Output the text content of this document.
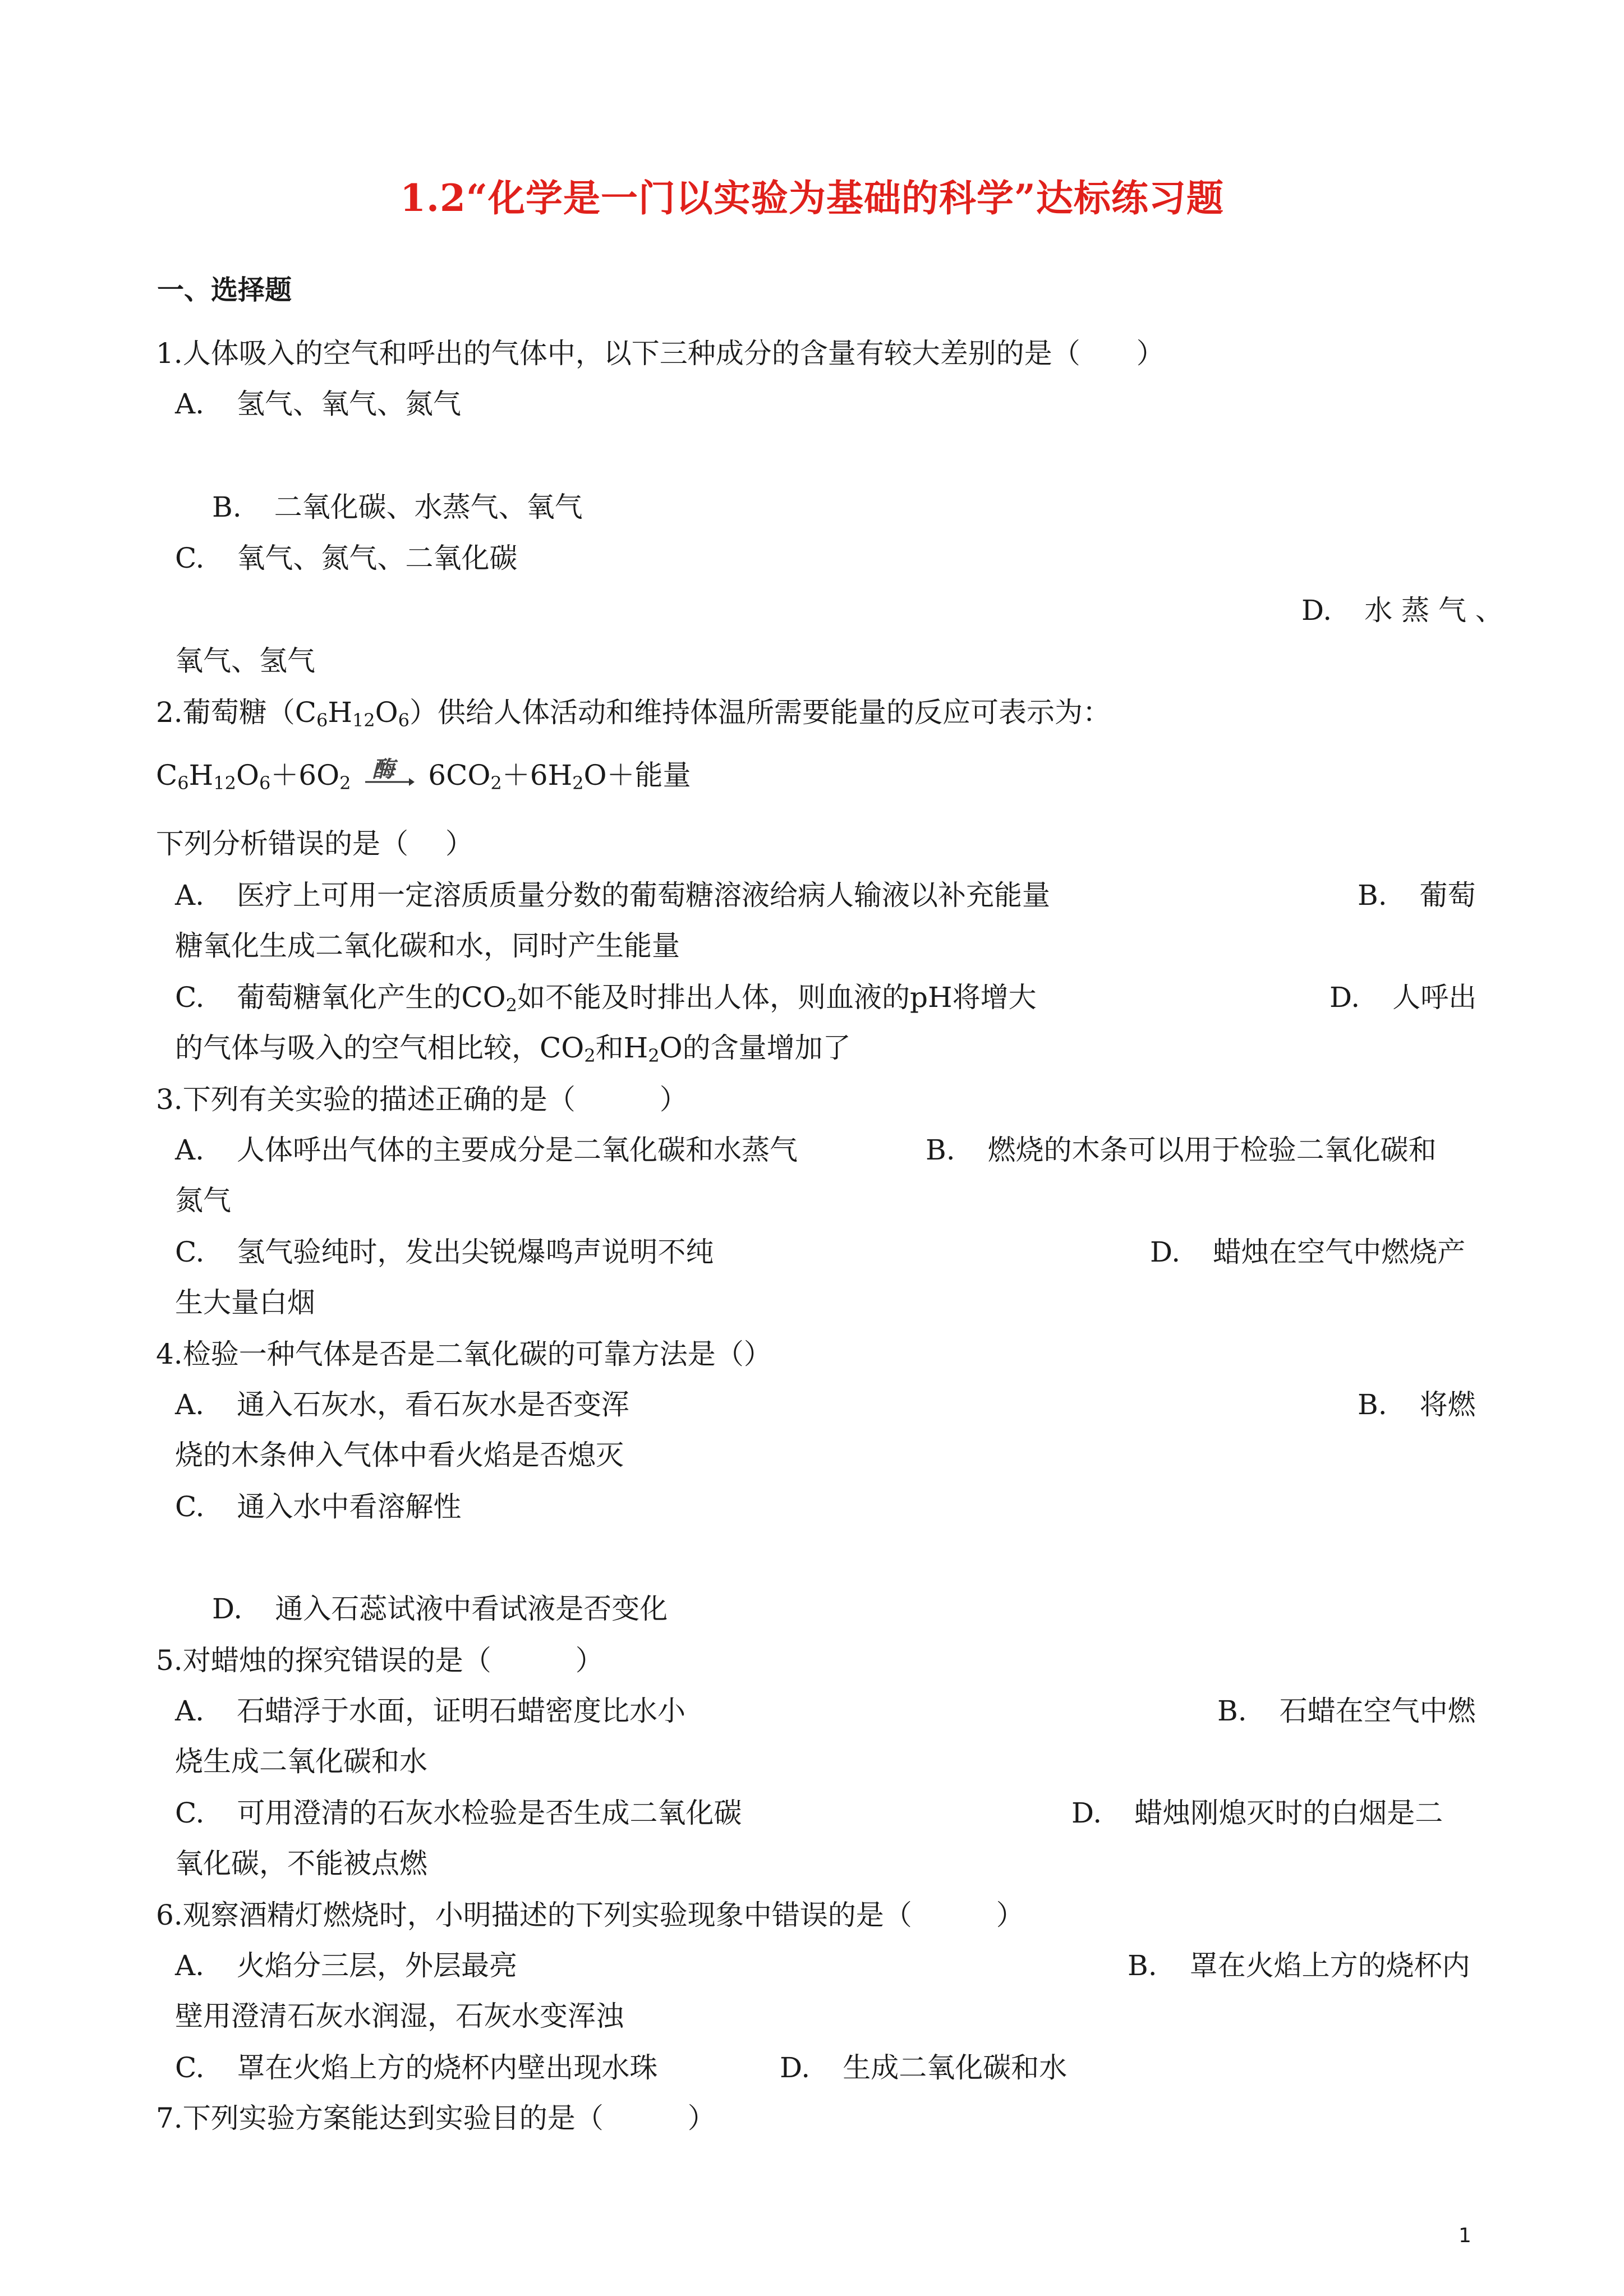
1.2“化学是一门以实验为基础的科学”达标练习题
一、选择题
1.人体吸入的空气和呼出的气体中，以下三种成分的含量有较大差别的是（　　）
A. 氢气、氧气、氮气
B. 二氧化碳、水蒸气、氧气
C. 氧气、氮气、二氧化碳
D. 水 蒸 气 、
氧气、氢气
2.葡萄糖$(C_6H_{12}O_6)$供给人体活动和维持体温所需要能量的反应可表示为：
$C_6H_{12}O_6+6O_2$
酶 $6CO_2+6H_2O+$能量
下列分析错误的是（　 ）
A. 医疗上可用一定溶质质量分数的葡萄糖溶液给病人输液以补充能量	B. 葡萄
糖氧化生成二氧化碳和水，同时产生能量
C. 葡萄糖氧化产生的$CO_2$如不能及时排出人体，则血液的pH将增大	D. 人呼出
的气体与吸入的空气相比较，$CO_2$和$H_2O$的含量增加了
3.下列有关实验的描述正确的是（　　　）
A. 人体呼出气体的主要成分是二氧化碳和水蒸气	B. 燃烧的木条可以用于检验二氧化碳和
氮气
C. 氢气验纯时，发出尖锐爆鸣声说明不纯	D. 蜡烛在空气中燃烧产
生大量白烟
4.检验一种气体是否是二氧化碳的可靠方法是（）
A. 通入石灰水，看石灰水是否变浑	B. 将燃
烧的木条伸入气体中看火焰是否熄灭
C. 通入水中看溶解性
D. 通入石蕊试液中看试液是否变化
5.对蜡烛的探究错误的是（　　　）
A. 石蜡浮于水面，证明石蜡密度比水小	B. 石蜡在空气中燃
烧生成二氧化碳和水
C. 可用澄清的石灰水检验是否生成二氧化碳	D. 蜡烛刚熄灭时的白烟是二
氧化碳，不能被点燃
6.观察酒精灯燃烧时，小明描述的下列实验现象中错误的是（　　　）
A. 火焰分三层，外层最亮	B. 罩在火焰上方的烧杯内
壁用澄清石灰水润湿，石灰水变浑浊
C. 罩在火焰上方的烧杯内壁出现水珠	D. 生成二氧化碳和水
7.下列实验方案能达到实验目的是（　　　）
1
